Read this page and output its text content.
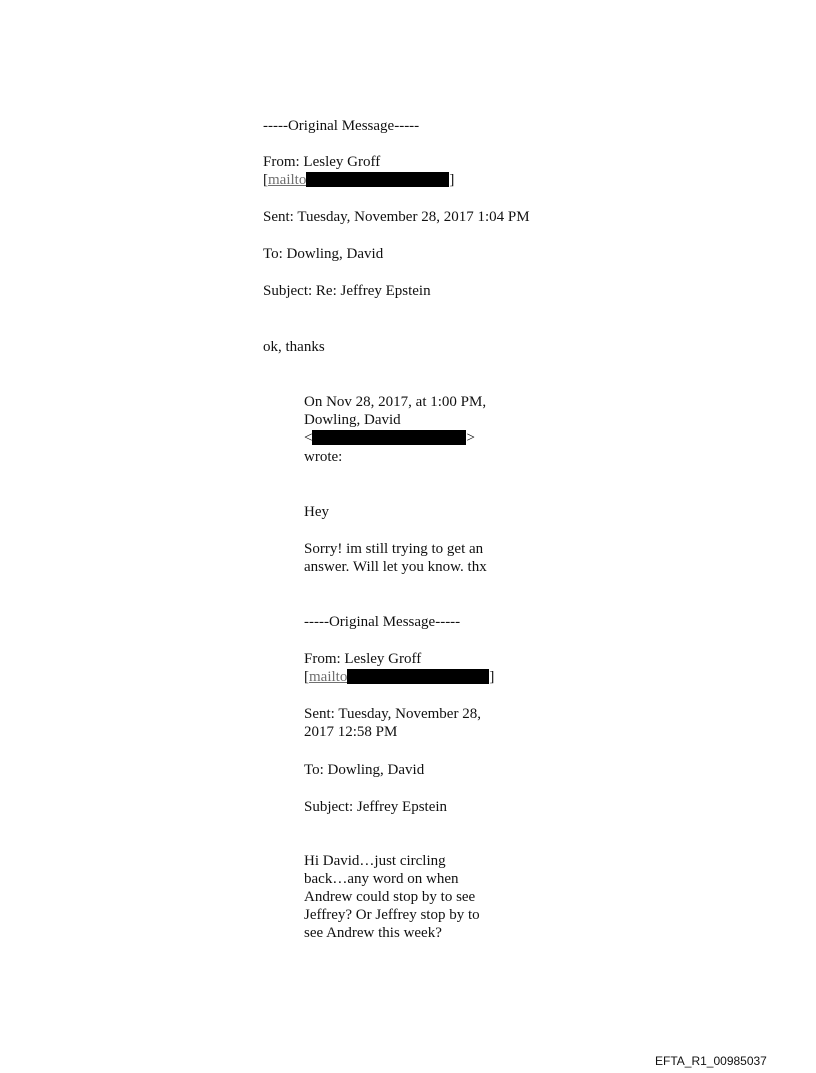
-----Original Message-----
From: Lesley Groff
[mailto	]
Sent: Tuesday, November 28, 2017 1:04 PM
To: Dowling, David
Subject: Re: Jeffrey Epstein
ok, thanks
On Nov 28, 2017, at 1:00 PM,
Dowling, David
<	>
wrote:
Hey
Sorry! im still trying to get an
answer. Will let you know. thx
-----Original Message-----
From: Lesley Groff
[mailto	]
Sent: Tuesday, November 28,
2017 12:58 PM
To: Dowling, David
Subject: Jeffrey Epstein
Hi David…just circling
back…any word on when
Andrew could stop by to see
Jeffrey? Or Jeffrey stop by to
see Andrew this week?
EFTA_R1_00985037
